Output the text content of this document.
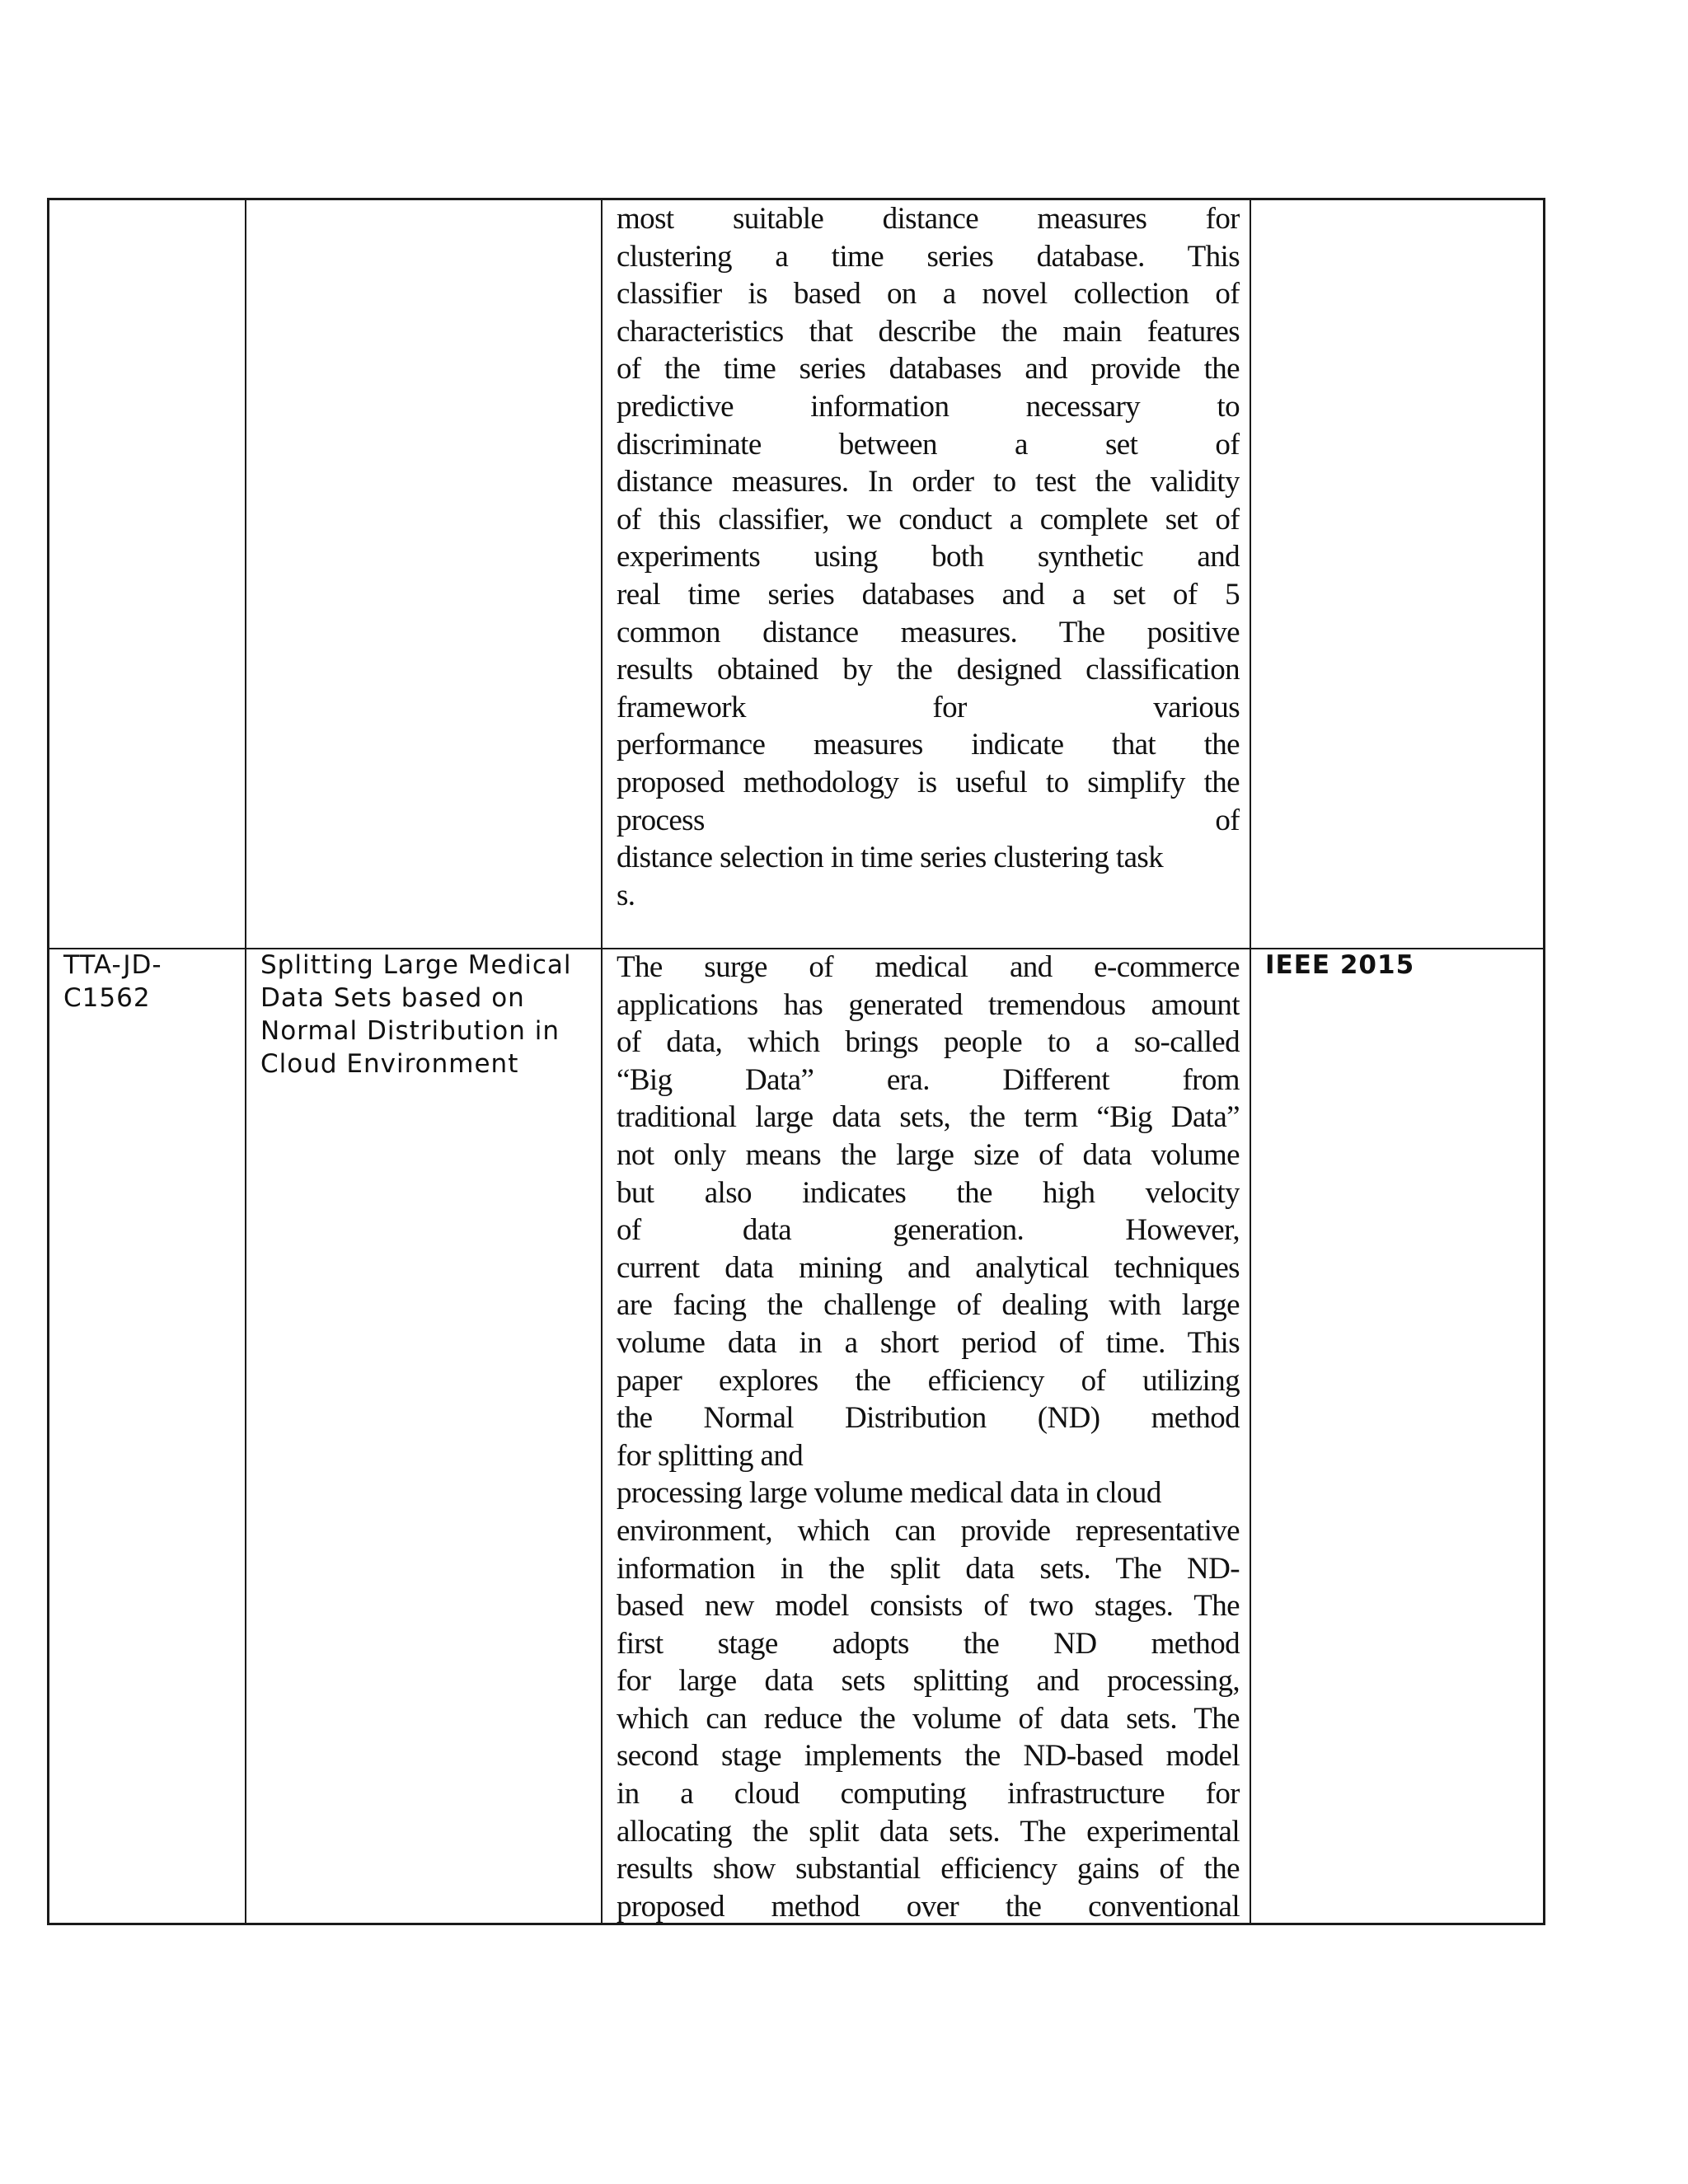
most suitable distance measures for
clustering a time series database. This
classifier is based on a novel collection of
characteristics that describe the main features
of the time series databases and provide the
predictive information necessary to
discriminate between a set of
distance measures. In order to test the validity
of this classifier, we conduct a complete set of
experiments using both synthetic and
real time series databases and a set of 5
common distance measures. The positive
results obtained by the designed classification
framework for various
performance measures indicate that the
proposed methodology is useful to simplify the
process of
distance selection in time series clustering task
s.
TTA-JD-
C1562
Splitting Large Medical
Data Sets based on
Normal Distribution in
Cloud Environment
The surge of medical and e-commerce
applications has generated tremendous amount
of data, which brings people to a so-called
“Big Data” era. Different from
traditional large data sets, the term “Big Data”
not only means the large size of data volume
but also indicates the high velocity
of data generation. However,
current data mining and analytical techniques
are facing the challenge of dealing with large
volume data in a short period of time. This
paper explores the efficiency of utilizing
the Normal Distribution (ND) method
for splitting and
processing large volume medical data in cloud
environment, which can provide representative
information in the split data sets. The ND-
based new model consists of two stages. The
first stage adopts the ND method
for large data sets splitting and processing,
which can reduce the volume of data sets. The
second stage implements the ND-based model
in a cloud computing infrastructure for
allocating the split data sets. The experimental
results show substantial efficiency gains of the
proposed method over the conventional
IEEE 2015
